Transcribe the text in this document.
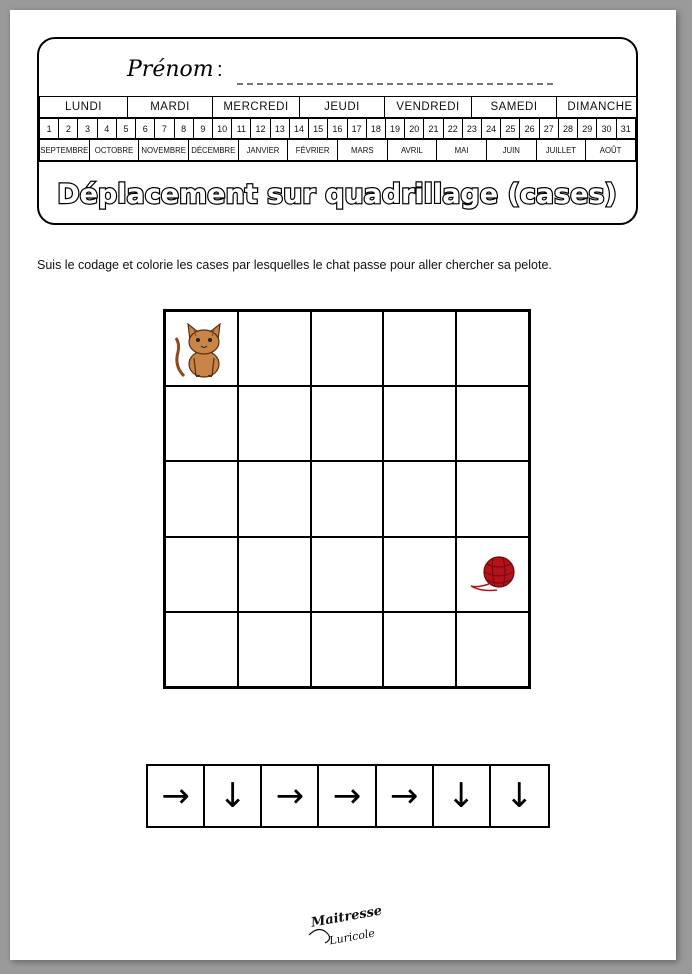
Prénom :
LUNDI	MARDI	MERCREDI	JEUDI	VENDREDI	SAMEDI	DIMANCHE
1	2	3	4	5	6	7	8	9	10	11	12	13	14	15	16	17	18	19	20	21	22	23	24	25	26	27	28	29	30	31
SEPTEMBRE	OCTOBRE	NOVEMBRE	DÉCEMBRE	JANVIER	FÉVRIER	MARS	AVRIL	MAI	JUIN	JUILLET	AOÛT
Déplacement sur quadrillage (cases)
Suis le codage et colorie les cases par lesquelles le chat passe pour aller chercher sa pelote.
→ ↓ → → → ↓ ↓
Maitresse
Luricole
